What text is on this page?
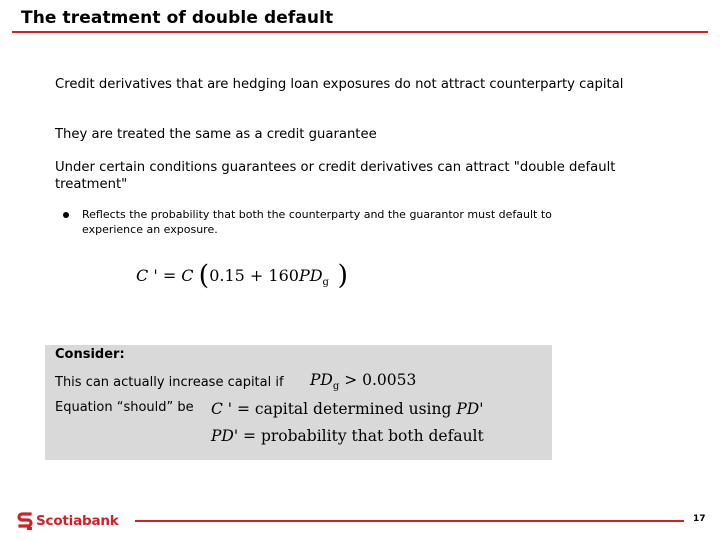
The treatment of double default
Credit derivatives that are hedging loan exposures do not attract counterparty capital
They are treated the same as a credit guarantee
Under certain conditions guarantees or credit derivatives can attract "double default treatment"
Reflects the probability that both the counterparty and the guarantor must default to experience an exposure.
C ' = C ($0.15 + 160PD_g$ )
Consider:
This can actually increase capital if
Equation “should” be
$PD_g > 0.0053$
C ' = capital determined using PD'
PD' = probability that both default
Scotiabank	17
